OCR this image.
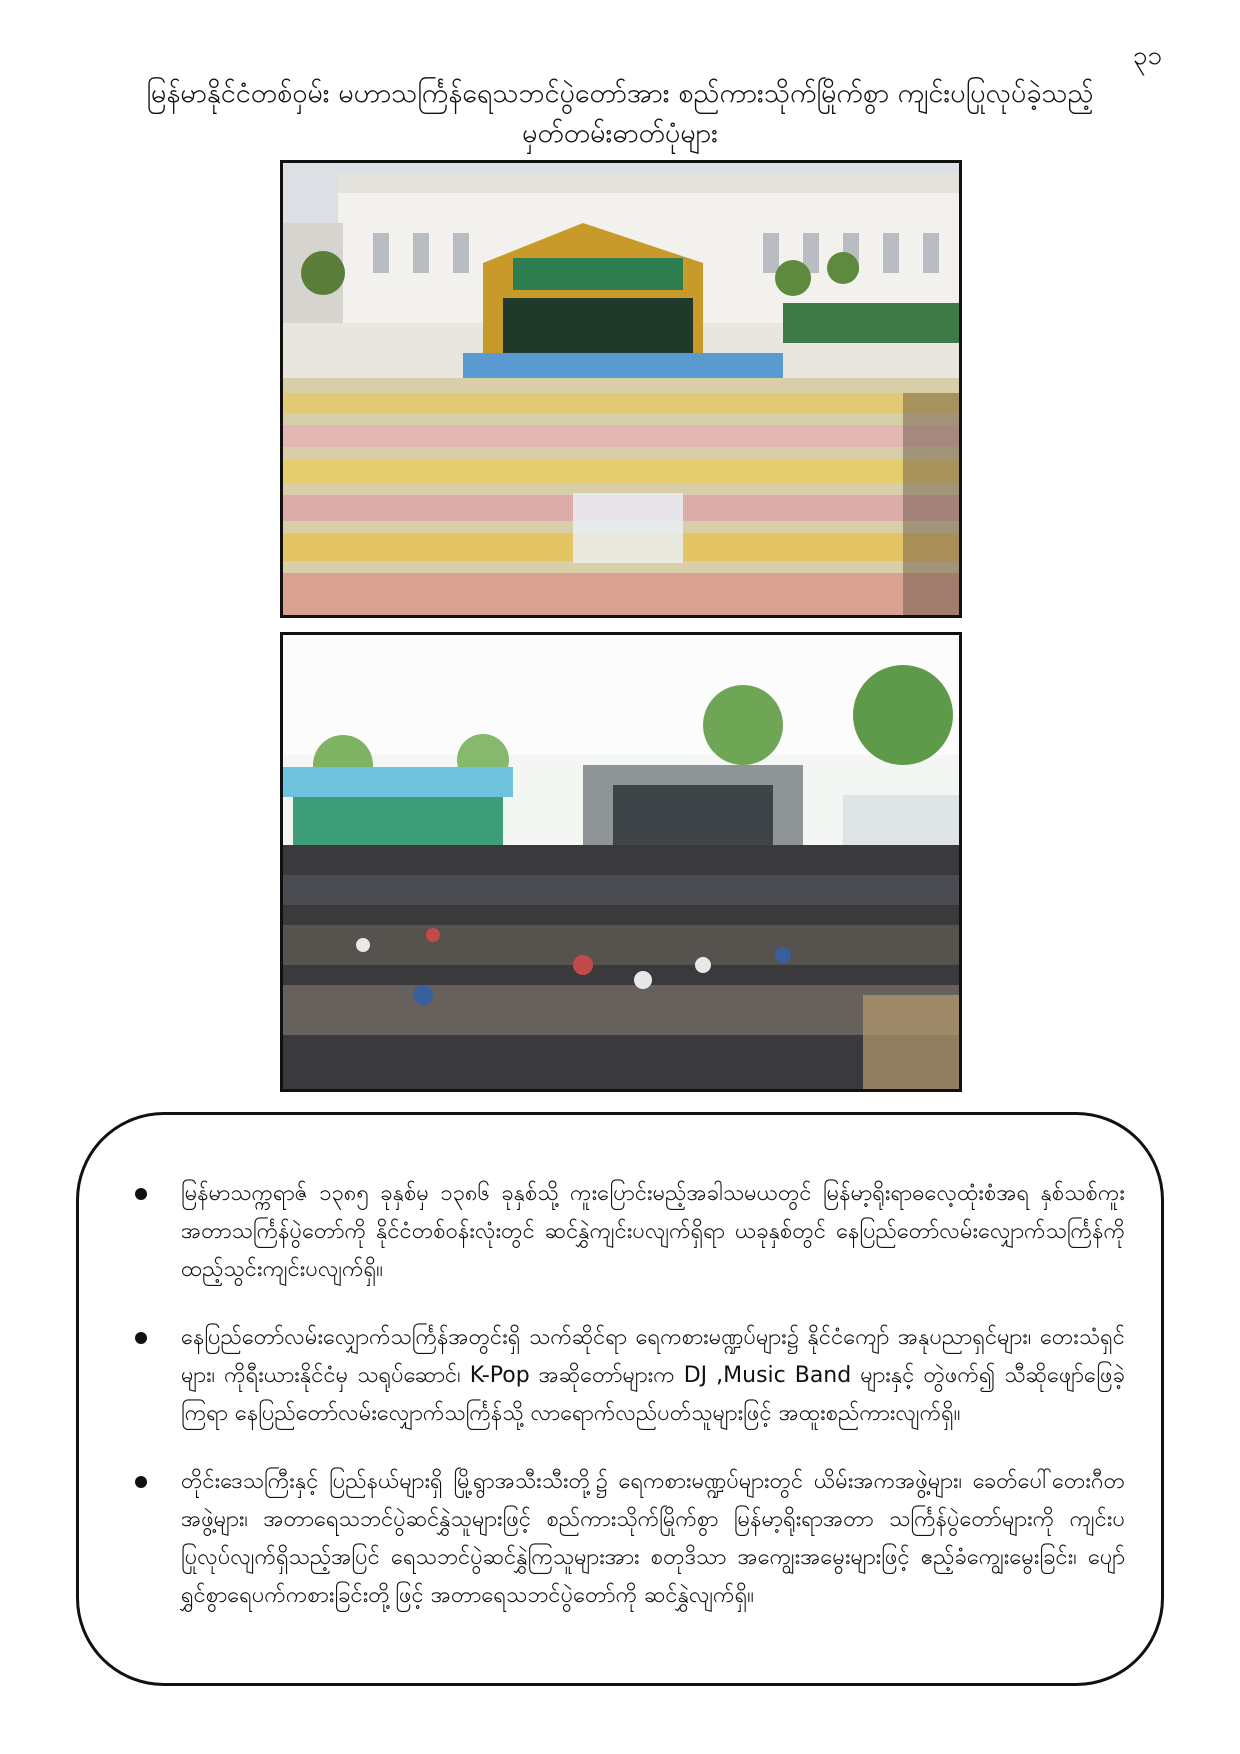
၃၁
မြန်မာနိုင်ငံတစ်ဝှမ်း မဟာသင်္ကြန်ရေသဘင်ပွဲတော်အား စည်ကားသိုက်မြိုက်စွာ ကျင်းပပြုလုပ်ခဲ့သည့်
မှတ်တမ်းဓာတ်ပုံများ
မြန်မာသက္ကရာဇ် ၁၃၈၅ ခုနှစ်မှ ၁၃၈၆ ခုနှစ်သို့ ကူးပြောင်းမည့်အခါသမယတွင် မြန်မာ့ရိုးရာဓလေ့ထုံးစံအရ နှစ်သစ်ကူးအတာသင်္ကြန်ပွဲတော်ကို နိုင်ငံတစ်ဝန်းလုံးတွင် ဆင်နွှဲကျင်းပလျက်ရှိရာ ယခုနှစ်တွင် နေပြည်တော်လမ်းလျှောက်သင်္ကြန်ကို ထည့်သွင်းကျင်းပလျက်ရှိ။
နေပြည်တော်လမ်းလျှောက်သင်္ကြန်အတွင်းရှိ သက်ဆိုင်ရာ ရေကစားမဏ္ဍပ်များ၌ နိုင်ငံကျော် အနုပညာရှင်များ၊ တေးသံရှင်များ၊ ကိုရီးယားနိုင်ငံမှ သရုပ်ဆောင်၊ K-Pop အဆိုတော်များက DJ ,Music Band များနှင့် တွဲဖက်၍ သီဆိုဖျော်ဖြေခဲ့ကြရာ နေပြည်တော်လမ်းလျှောက်သင်္ကြန်သို့ လာရောက်လည်ပတ်သူများဖြင့် အထူးစည်ကားလျက်ရှိ။
တိုင်းဒေသကြီးနှင့် ပြည်နယ်များရှိ မြို့ရွာအသီးသီးတို့၌ ရေကစားမဏ္ဍပ်များတွင် ယိမ်းအကအဖွဲ့များ၊ ခေတ်ပေါ်တေးဂီတအဖွဲ့များ၊ အတာရေသဘင်ပွဲဆင်နွှဲသူများဖြင့် စည်ကားသိုက်မြိုက်စွာ မြန်မာ့ရိုးရာအတာ သင်္ကြန်ပွဲတော်များကို ကျင်းပပြုလုပ်လျက်ရှိသည့်အပြင် ရေသဘင်ပွဲဆင်နွှဲကြသူများအား စတုဒိသာ အကျွေးအမွေးများဖြင့် ဧည့်ခံကျွေးမွေးခြင်း၊ ပျော်ရွှင်စွာရေပက်ကစားခြင်းတို့ဖြင့် အတာရေသဘင်ပွဲတော်ကို ဆင်နွှဲလျက်ရှိ။
